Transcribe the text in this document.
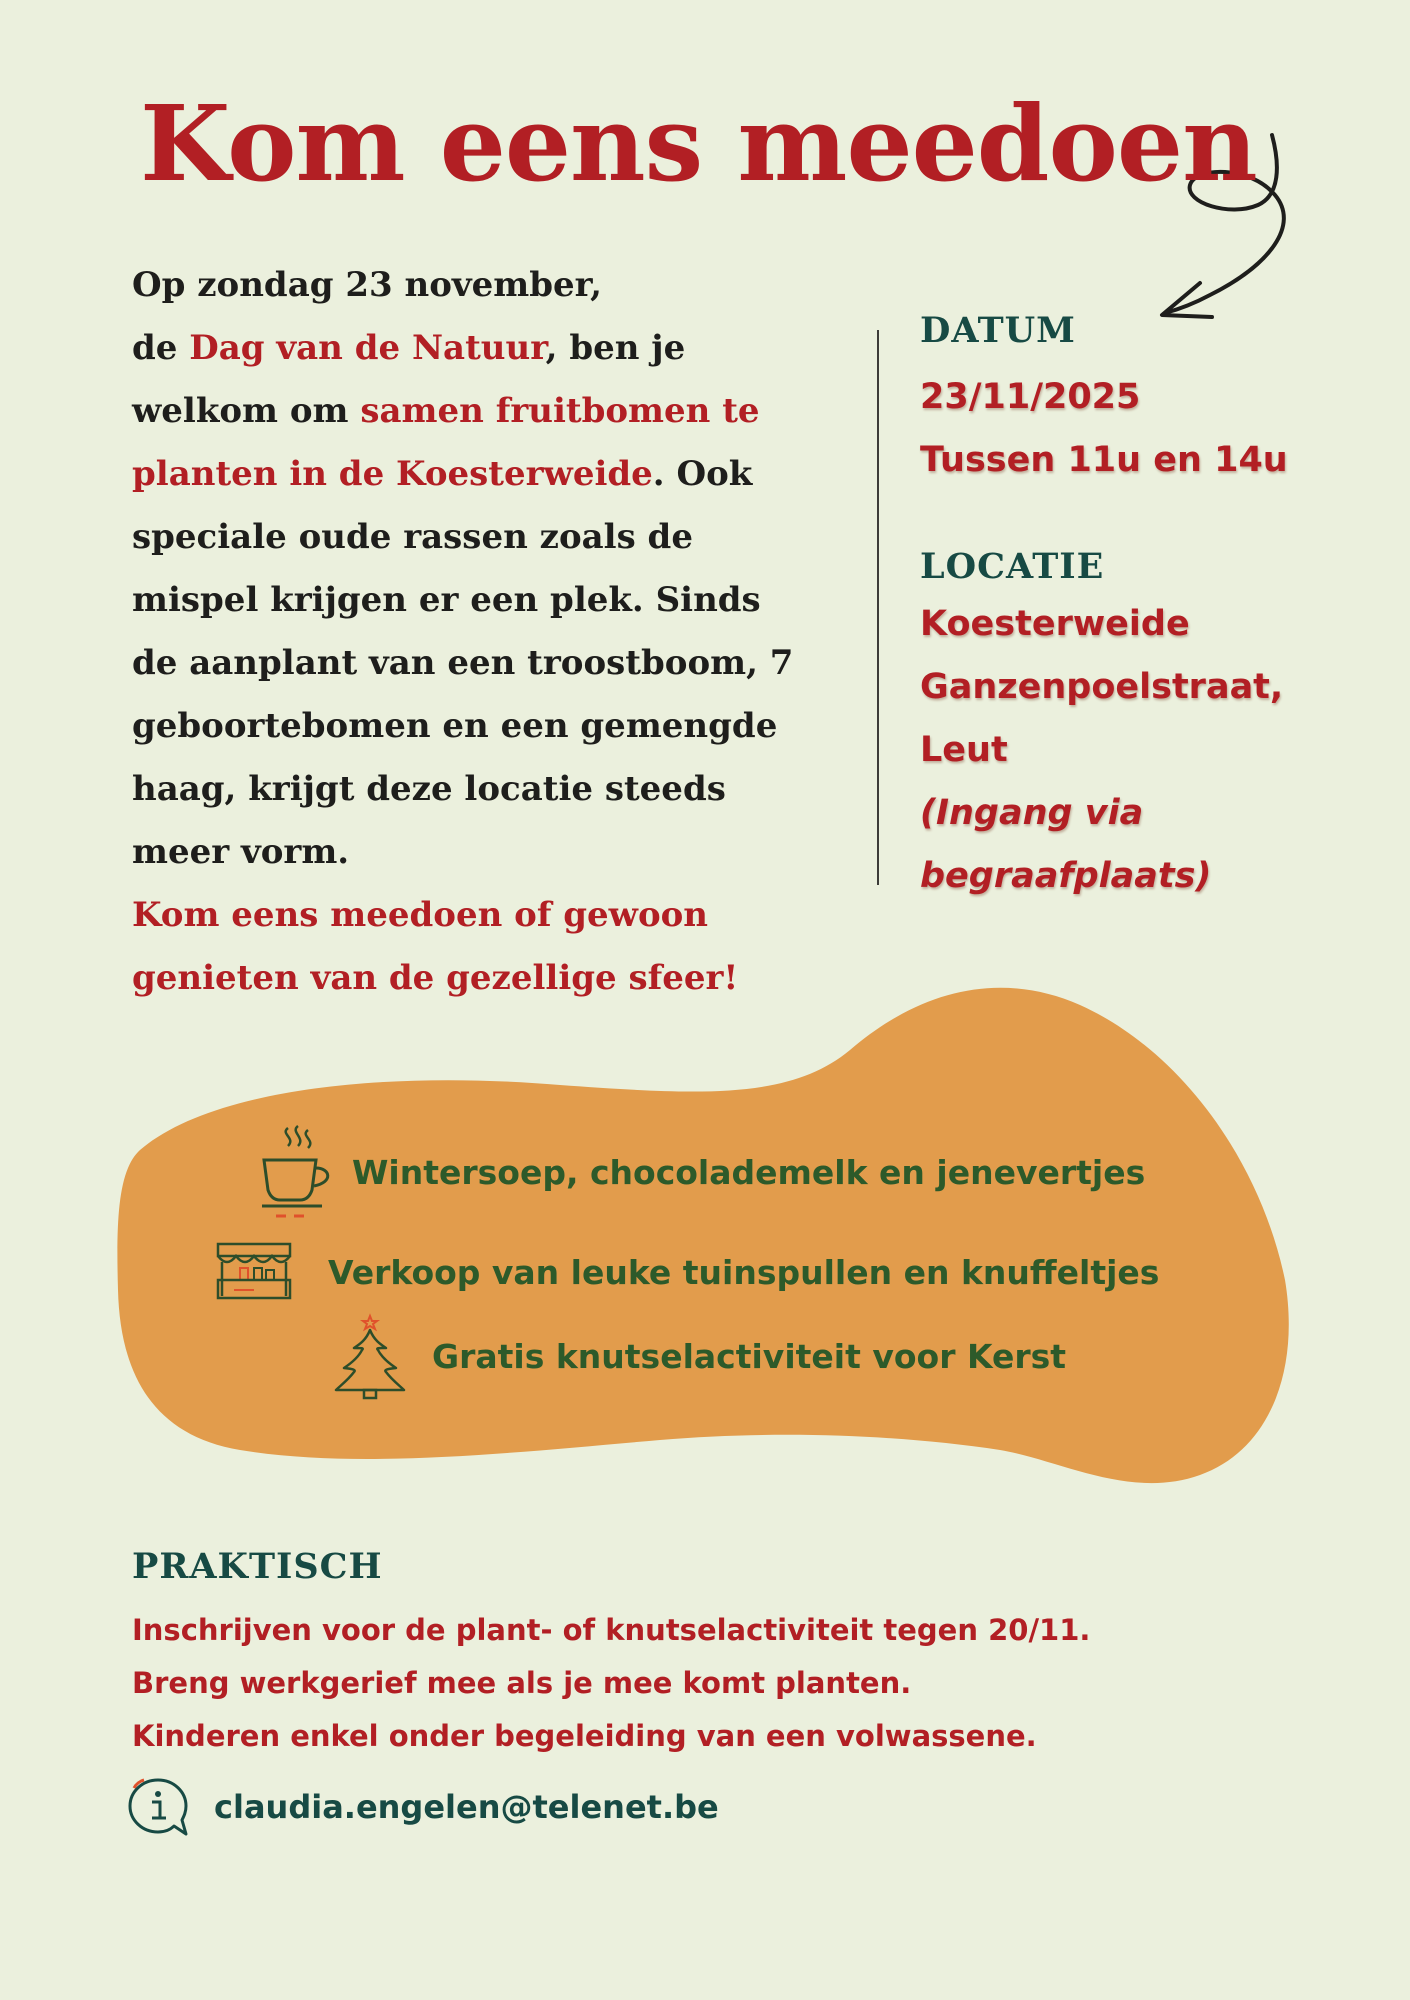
Kom eens meedoen

Op zondag 23 november,
de Dag van de Natuur, ben je welkom om samen fruitbomen te planten in de Koesterweide. Ook speciale oude rassen zoals de mispel krijgen er een plek. Sinds de aanplant van een troostboom, 7 geboortebomen en een gemengde haag, krijgt deze locatie steeds meer vorm.

Kom eens meedoen of gewoon genieten van de gezellige sfeer!

DATUM
23/11/2025
Tussen 11u en 14u
LOCATIE
Koesterweide
Ganzenpoelstraat,
Leut
(Ingang via
begraafplaats)
Wintersoep, chocolademelk en jenevertjes
Verkoop van leuke tuinspullen en knuffeltjes
Gratis knutselactiviteit voor Kerst
PRAKTISCH
Inschrijven voor de plant- of knutselactiviteit tegen 20/11.
Breng werkgerief mee als je mee komt planten.
Kinderen enkel onder begeleiding van een volwassene.
claudia.engelen@telenet.be
